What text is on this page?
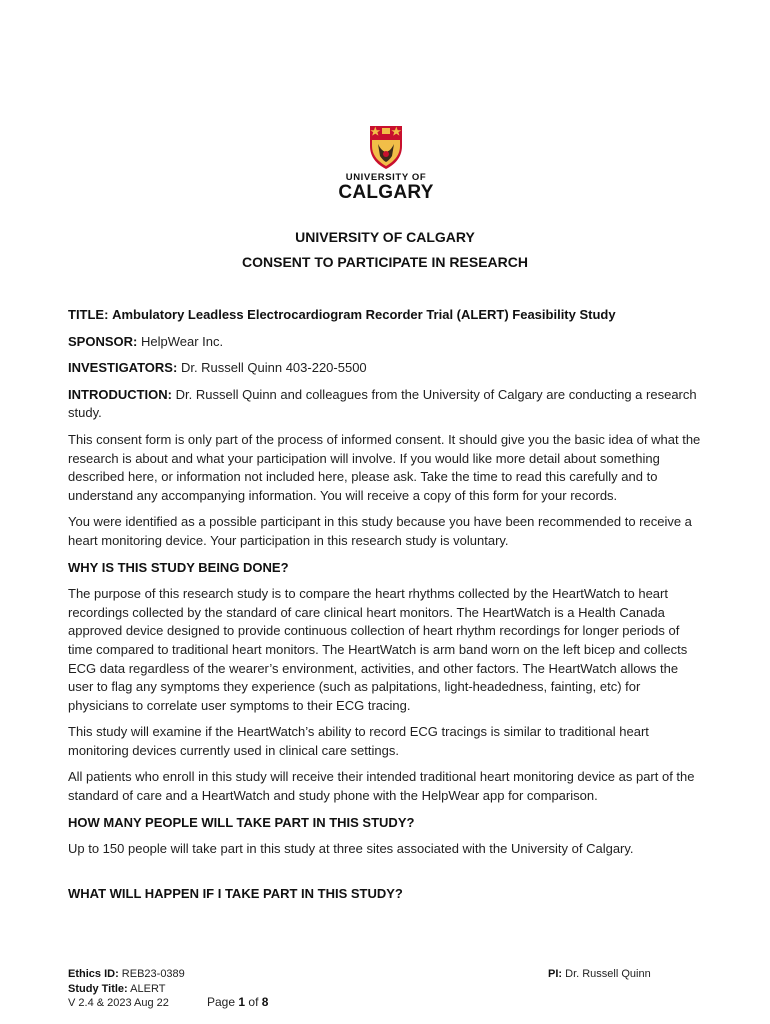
UNIVERSITY OF
CALGARY
UNIVERSITY OF CALGARY
CONSENT TO PARTICIPATE IN RESEARCH

TITLE: Ambulatory Leadless Electrocardiogram Recorder Trial (ALERT) Feasibility Study

SPONSOR: HelpWear Inc.

INVESTIGATORS: Dr. Russell Quinn 403-220-5500

INTRODUCTION: Dr. Russell Quinn and colleagues from the University of Calgary are conducting a research study.

This consent form is only part of the process of informed consent. It should give you the basic idea of what the research is about and what your participation will involve. If you would like more detail about something described here, or information not included here, please ask. Take the time to read this carefully and to understand any accompanying information. You will receive a copy of this form for your records.

You were identified as a possible participant in this study because you have been recommended to receive a heart monitoring device. Your participation in this research study is voluntary.

WHY IS THIS STUDY BEING DONE?

The purpose of this research study is to compare the heart rhythms collected by the HeartWatch to heart recordings collected by the standard of care clinical heart monitors. The HeartWatch is a Health Canada approved device designed to provide continuous collection of heart rhythm recordings for longer periods of time compared to traditional heart monitors. The HeartWatch is arm band worn on the left bicep and collects ECG data regardless of the wearer’s environment, activities, and other factors. The HeartWatch allows the user to flag any symptoms they experience (such as palpitations, light-headedness, fainting, etc) for physicians to correlate user symptoms to their ECG tracing.

This study will examine if the HeartWatch’s ability to record ECG tracings is similar to traditional heart monitoring devices currently used in clinical care settings.

All patients who enroll in this study will receive their intended traditional heart monitoring device as part of the standard of care and a HeartWatch and study phone with the HelpWear app for comparison.

HOW MANY PEOPLE WILL TAKE PART IN THIS STUDY?

Up to 150 people will take part in this study at three sites associated with the University of Calgary.

WHAT WILL HAPPEN IF I TAKE PART IN THIS STUDY?

Ethics ID: REB23-0389
Study Title: ALERT
V 2.4 & 2023 Aug 22	Page 1 of 8
PI: Dr. Russell Quinn
